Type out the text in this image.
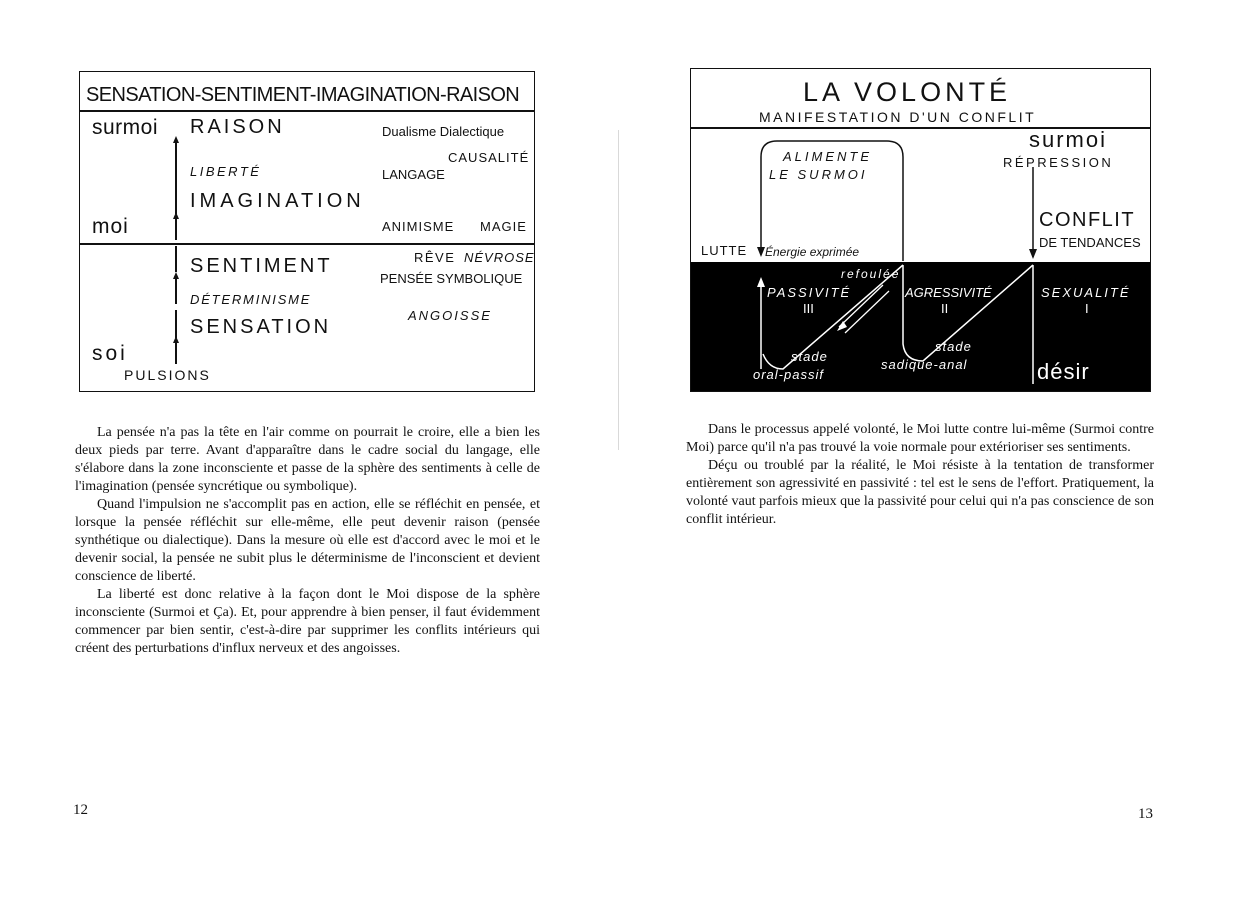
SENSATION-SENTIMENT-IMAGINATION-RAISON
surmoi
moi
soi
RAISON
LIBERTÉ
IMAGINATION
SENTIMENT
DÉTERMINISME
SENSATION
PULSIONS
Dualisme Dialectique
CAUSALITÉ
LANGAGE
ANIMISME MAGIE
RÊVE NÉVROSE
PENSÉE SYMBOLIQUE
ANGOISSE

La pensée n'a pas la tête en l'air comme on pourrait le croire, elle a bien les deux pieds par terre. Avant d'apparaître dans le cadre social du langage, elle s'élabore dans la zone inconsciente et passe de la sphère des sentiments à celle de l'imagination (pensée syncrétique ou symbolique).

Quand l'impulsion ne s'accomplit pas en action, elle se réfléchit en pensée, et lorsque la pensée réfléchit sur elle-même, elle peut devenir raison (pensée synthétique ou dialectique). Dans la mesure où elle est d'accord avec le moi et le devenir social, la pensée ne subit plus le déterminisme de l'inconscient et devient conscience de liberté.

La liberté est donc relative à la façon dont le Moi dispose de la sphère inconsciente (Surmoi et Ça). Et, pour apprendre à bien penser, il faut évidemment commencer par bien sentir, c'est-à-dire par supprimer les conflits intérieurs qui créent des perturbations d'influx nerveux et des angoisses.

12
LA VOLONTÉ
MANIFESTATION D'UN CONFLIT
ALIMENTE
LE SURMOI
surmoi
RÉPRESSION
CONFLIT
DE TENDANCES
LUTTE Énergie exprimée
refoulée
PASSIVITÉ
III
AGRESSIVITÉ
II
SEXUALITÉ
I
stade
oral-passif
stade
sadique-anal	désir

Dans le processus appelé volonté, le Moi lutte contre lui-même (Surmoi contre Moi) parce qu'il n'a pas trouvé la voie normale pour extérioriser ses sentiments.

Déçu ou troublé par la réalité, le Moi résiste à la tentation de transformer entièrement son agressivité en passivité : tel est le sens de l'effort. Pratiquement, la volonté vaut parfois mieux que la passivité pour celui qui n'a pas conscience de son conflit intérieur.

13
